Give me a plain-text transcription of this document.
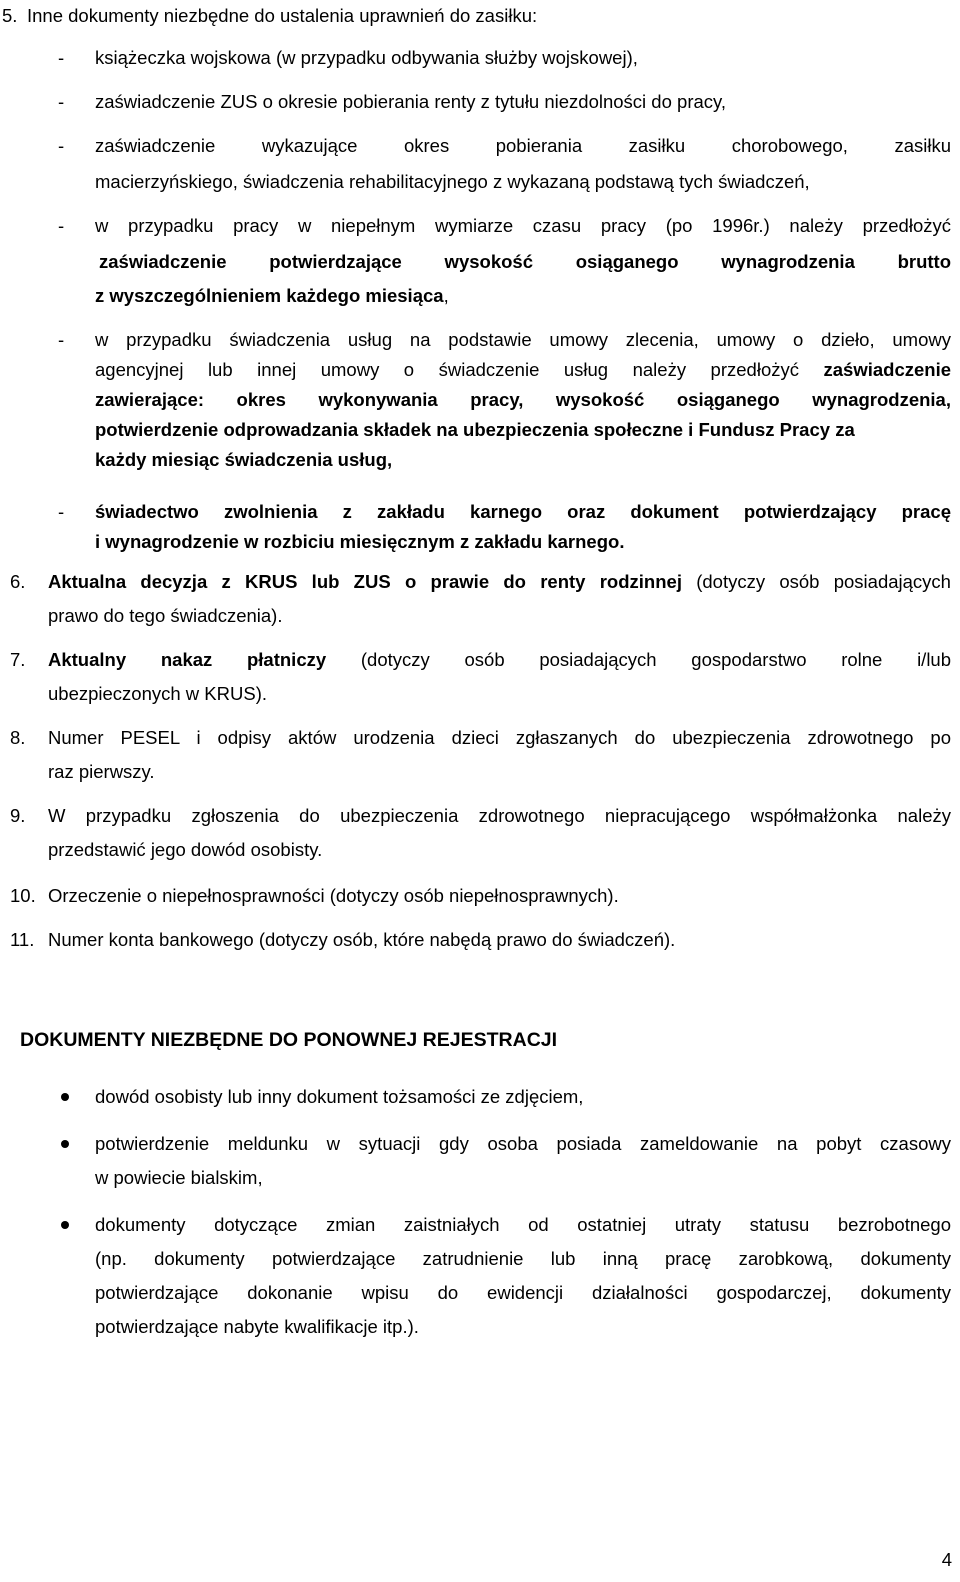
5. Inne dokumenty niezbędne do ustalenia uprawnień do zasiłku:
- książeczka wojskowa (w przypadku odbywania służby wojskowej),
- zaświadczenie ZUS o okresie pobierania renty z tytułu niezdolności do pracy,
- zaświadczenie wykazujące okres pobierania zasiłku chorobowego, zasiłku
macierzyńskiego, świadczenia rehabilitacyjnego z wykazaną podstawą tych świadczeń,
- w przypadku pracy w niepełnym wymiarze czasu pracy (po 1996r.) należy przedłożyć
zaświadczenie potwierdzające wysokość osiąganego wynagrodzenia brutto
z wyszczególnieniem każdego miesiąca,
- w przypadku świadczenia usług na podstawie umowy zlecenia, umowy o dzieło, umowy
agencyjnej lub innej umowy o świadczenie usług należy przedłożyć zaświadczenie
zawierające: okres wykonywania pracy, wysokość osiąganego wynagrodzenia,
potwierdzenie odprowadzania składek na ubezpieczenia społeczne i Fundusz Pracy za
każdy miesiąc świadczenia usług,
- świadectwo zwolnienia z zakładu karnego oraz dokument potwierdzający pracę
i wynagrodzenie w rozbiciu miesięcznym z zakładu karnego.
6. Aktualna decyzja z KRUS lub ZUS o prawie do renty rodzinnej (dotyczy osób posiadających
prawo do tego świadczenia).
7. Aktualny nakaz płatniczy (dotyczy osób posiadających gospodarstwo rolne i/lub
ubezpieczonych w KRUS).
8. Numer PESEL i odpisy aktów urodzenia dzieci zgłaszanych do ubezpieczenia zdrowotnego po
raz pierwszy.
9. W przypadku zgłoszenia do ubezpieczenia zdrowotnego niepracującego współmałżonka należy
przedstawić jego dowód osobisty.
10. Orzeczenie o niepełnosprawności (dotyczy osób niepełnosprawnych).
11. Numer konta bankowego (dotyczy osób, które nabędą prawo do świadczeń).
DOKUMENTY NIEZBĘDNE DO PONOWNEJ REJESTRACJI
dowód osobisty lub inny dokument tożsamości ze zdjęciem,
potwierdzenie meldunku w sytuacji gdy osoba posiada zameldowanie na pobyt czasowy
w powiecie bialskim,
dokumenty dotyczące zmian zaistniałych od ostatniej utraty statusu bezrobotnego
(np. dokumenty potwierdzające zatrudnienie lub inną pracę zarobkową, dokumenty
potwierdzające dokonanie wpisu do ewidencji działalności gospodarczej, dokumenty
potwierdzające nabyte kwalifikacje itp.).
4
